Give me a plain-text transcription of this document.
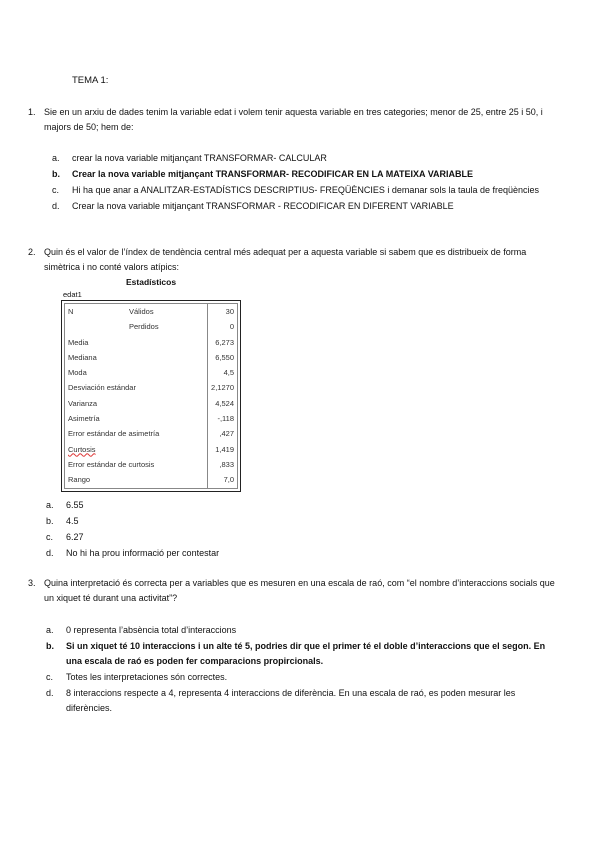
TEMA 1:
1. Sie en un arxiu de dades tenim la variable edat i volem tenir aquesta variable en tres categories; menor de 25, entre 25 i 50, i majors de 50; hem de:
a. crear la nova variable mitjançant TRANSFORMAR- CALCULAR
b. Crear la nova variable mitjançant TRANSFORMAR- RECODIFICAR EN LA MATEIXA VARIABLE
c. Hi ha que anar a ANALITZAR-ESTADÍSTICS DESCRIPTIUS- FREQÜÈNCIES i demanar sols la taula de freqüències
d. Crear la nova variable mitjançant TRANSFORMAR - RECODIFICAR EN DIFERENT VARIABLE
2. Quin és el valor de l’índex de tendència central més adequat per a aquesta variable si sabem que es distribueix de forma simètrica i no conté valors atípics:
Estadísticos
edat1
N	Válidos	30
Perdidos	0
Media	6,273
Mediana	6,550
Moda	4,5
Desviación estándar	2,1270
Varianza	4,524
Asimetría	-,118
Error estándar de asimetría	,427
Curtosis	1,419
Error estándar de curtosis	,833
Rango	7,0
a. 6.55
b. 4.5
c. 6.27
d. No hi ha prou informació per contestar
3. Quina interpretació és correcta per a variables que es mesuren en una escala de raó, com “el nombre d’interaccions socials que un xiquet té durant una activitat”?
a. 0 representa l’absència total d’interaccions
b. Si un xiquet té 10 interaccions i un alte té 5, podries dir que el primer té el doble d’interaccions que el segon. En una escala de raó es poden fer comparacions propircionals.
c. Totes les interpretaciones són correctes.
d. 8 interaccions respecte a 4, representa 4 interaccions de diferència. En una escala de raó, es poden mesurar les diferències.
